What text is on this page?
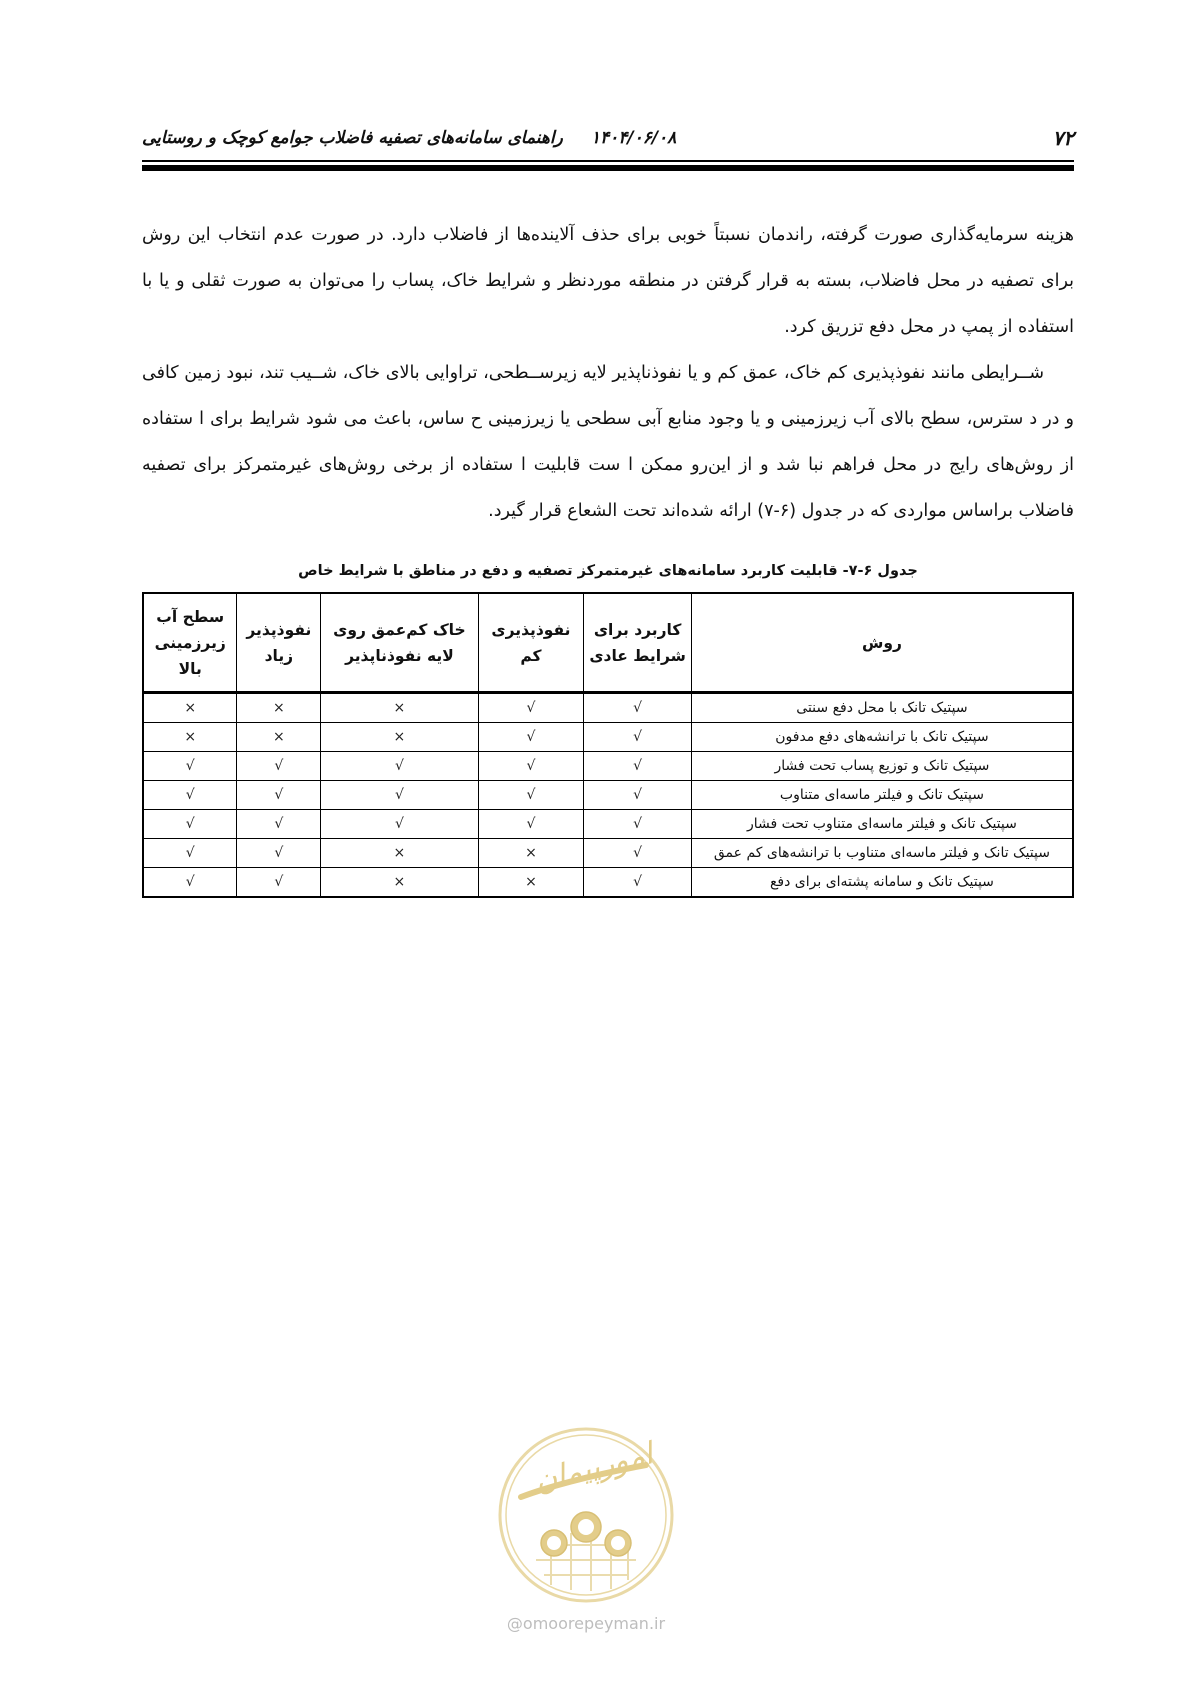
۷۲
۱۴۰۴/۰۶/۰۸راهنمای سامانه‌های تصفیه فاضلاب جوامع کوچک و روستایی

هزینه سرمایه‌گذاری صورت گرفته، راندمان نسبتاً خوبی برای حذف آلاینده‌ها از فاضلاب دارد. در صورت عدم انتخاب این روش برای تصفیه در محل فاضلاب، بسته به قرار گرفتن در منطقه موردنظر و شرایط خاک، پساب را می‌توان به صورت ثقلی و یا با استفاده از پمپ در محل دفع تزریق کرد.

شــرایطی مانند نفوذپذیری کم خاک، عمق کم و یا نفوذناپذیر لایه زیرســطحی، تراوایی بالای خاک، شــیب تند، نبود زمین کافی و در د سترس، سطح بالای آب زیرزمینی و یا وجود منابع آبی سطحی یا زیرزمینی ح ساس، باعث می شود شرایط برای ا ستفاده از روش‌های رایج در محل فراهم نبا شد و از این‌رو ممکن ا ست قابلیت ا ستفاده از برخی روش‌های غیرمتمرکز برای تصفیه فاضلاب براساس مواردی که در جدول (۶-۷) ارائه شده‌اند تحت الشعاع قرار گیرد.

جدول ۶-۷- قابلیت کاربرد سامانه‌های غیرمتمرکز تصفیه و دفع در مناطق با شرایط خاص
روش	کاربرد برای شرایط عادی	نفوذپذیری کم	خاک کم‌عمق روی لایه نفوذناپذیر	نفوذپذیر زیاد	سطح آب زیرزمینی بالا
سپتیک تانک با محل دفع سنتی	√	√	×	×	×
سپتیک تانک با ترانشه‌های دفع مدفون	√	√	×	×	×
سپتیک تانک و توزیع پساب تحت فشار	√	√	√	√	√
سپتیک تانک و فیلتر ماسه‌ای متناوب	√	√	√	√	√
سپتیک تانک و فیلتر ماسه‌ای متناوب تحت فشار	√	√	√	√	√
سپتیک تانک و فیلتر ماسه‌ای متناوب با ترانشه‌های کم عمق	√	×	×	√	√
سپتیک تانک و سامانه پشته‌ای برای دفع	√	×	×	√	√
امورپیمان
@omoorepeyman.ir
